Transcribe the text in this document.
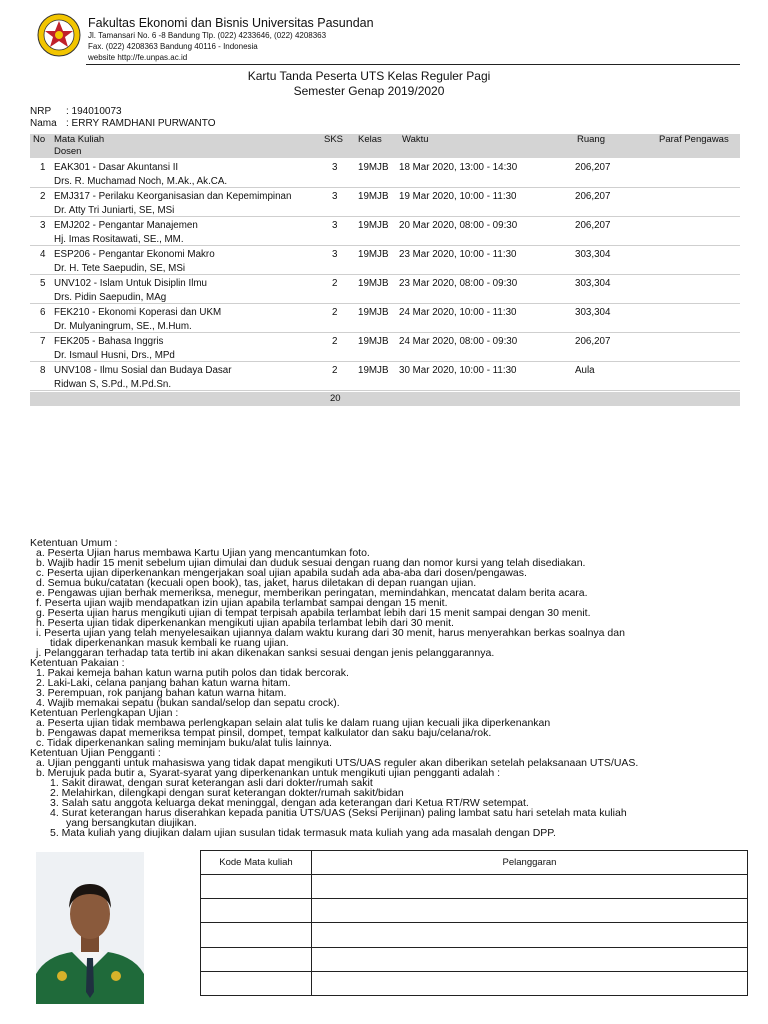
Fakultas Ekonomi dan Bisnis Universitas Pasundan
Jl. Tamansari No. 6 -8 Bandung Tlp. (022) 4233646, (022) 4208363
Fax. (022) 4208363 Bandung 40116 - Indonesia
website http://fe.unpas.ac.id
Kartu Tanda Peserta UTS Kelas Reguler Pagi
Semester Genap 2019/2020
NRP : 194010073
Nama : ERRY RAMDHANI PURWANTO
No Mata Kuliah	SKS Kelas Waktu	Ruang	Paraf Pengawas
Dosen
1 EAK301 - Dasar Akuntansi II	3 19MJB 18 Mar 2020, 13:00 - 14:30	206,207
Drs. R. Muchamad Noch, M.Ak., Ak.CA.
2 EMJ317 - Perilaku Keorganisasian dan Kepemimpinan	3 19MJB 19 Mar 2020, 10:00 - 11:30	206,207
Dr. Atty Tri Juniarti, SE, MSi
3 EMJ202 - Pengantar Manajemen	3 19MJB 20 Mar 2020, 08:00 - 09:30	206,207
Hj. Imas Rositawati, SE., MM.
4 ESP206 - Pengantar Ekonomi Makro	3 19MJB 23 Mar 2020, 10:00 - 11:30	303,304
Dr. H. Tete Saepudin, SE, MSi
5 UNV102 - Islam Untuk Disiplin Ilmu	2 19MJB 23 Mar 2020, 08:00 - 09:30	303,304
Drs. Pidin Saepudin, MAg
6 FEK210 - Ekonomi Koperasi dan UKM	2 19MJB 24 Mar 2020, 10:00 - 11:30	303,304
Dr. Mulyaningrum, SE., M.Hum.
7 FEK205 - Bahasa Inggris	2 19MJB 24 Mar 2020, 08:00 - 09:30	206,207
Dr. Ismaul Husni, Drs., MPd
8 UNV108 - Ilmu Sosial dan Budaya Dasar	2 19MJB 30 Mar 2020, 10:00 - 11:30	Aula
Ridwan S, S.Pd., M.Pd.Sn.
20
Ketentuan Umum :
a. Peserta Ujian harus membawa Kartu Ujian yang mencantumkan foto.
b. Wajib hadir 15 menit sebelum ujian dimulai dan duduk sesuai dengan ruang dan nomor kursi yang telah disediakan.
c. Peserta ujian diperkenankan mengerjakan soal ujian apabila sudah ada aba-aba dari dosen/pengawas.
d. Semua buku/catatan (kecuali open book), tas, jaket, harus diletakan di depan ruangan ujian.
e. Pengawas ujian berhak memeriksa, menegur, memberikan peringatan, memindahkan, mencatat dalam berita acara.
f. Peserta ujian wajib mendapatkan izin ujian apabila terlambat sampai dengan 15 menit.
g. Peserta ujian harus mengikuti ujian di tempat terpisah apabila terlambat lebih dari 15 menit sampai dengan 30 menit.
h. Peserta ujian tidak diperkenankan mengikuti ujian apabila terlambat lebih dari 30 menit.
i. Peserta ujian yang telah menyelesaikan ujiannya dalam waktu kurang dari 30 menit, harus menyerahkan berkas soalnya dan
tidak diperkenankan masuk kembali ke ruang ujian.
j. Pelanggaran terhadap tata tertib ini akan dikenakan sanksi sesuai dengan jenis pelanggarannya.
Ketentuan Pakaian :
1. Pakai kemeja bahan katun warna putih polos dan tidak bercorak.
2. Laki-Laki, celana panjang bahan katun warna hitam.
3. Perempuan, rok panjang bahan katun warna hitam.
4. Wajib memakai sepatu (bukan sandal/selop dan sepatu crock).
Ketentuan Perlengkapan Ujian :
a. Peserta ujian tidak membawa perlengkapan selain alat tulis ke dalam ruang ujian kecuali jika diperkenankan
b. Pengawas dapat memeriksa tempat pinsil, dompet, tempat kalkulator dan saku baju/celana/rok.
c. Tidak diperkenankan saling meminjam buku/alat tulis lainnya.
Ketentuan Ujian Pengganti :
a. Ujian pengganti untuk mahasiswa yang tidak dapat mengikuti UTS/UAS reguler akan diberikan setelah pelaksanaan UTS/UAS.
b. Merujuk pada butir a, Syarat-syarat yang diperkenankan untuk mengikuti ujian pengganti adalah :
1. Sakit dirawat, dengan surat keterangan asli dari dokter/rumah sakit
2. Melahirkan, dilengkapi dengan surat keterangan dokter/rumah sakit/bidan
3. Salah satu anggota keluarga dekat meninggal, dengan ada keterangan dari Ketua RT/RW setempat.
4. Surat keterangan harus diserahkan kepada panitia UTS/UAS (Seksi Perijinan) paling lambat satu hari setelah mata kuliah
yang bersangkutan diujikan.
5. Mata kuliah yang diujikan dalam ujian susulan tidak termasuk mata kuliah yang ada masalah dengan DPP.
Kode Mata kuliah	Pelanggaran
